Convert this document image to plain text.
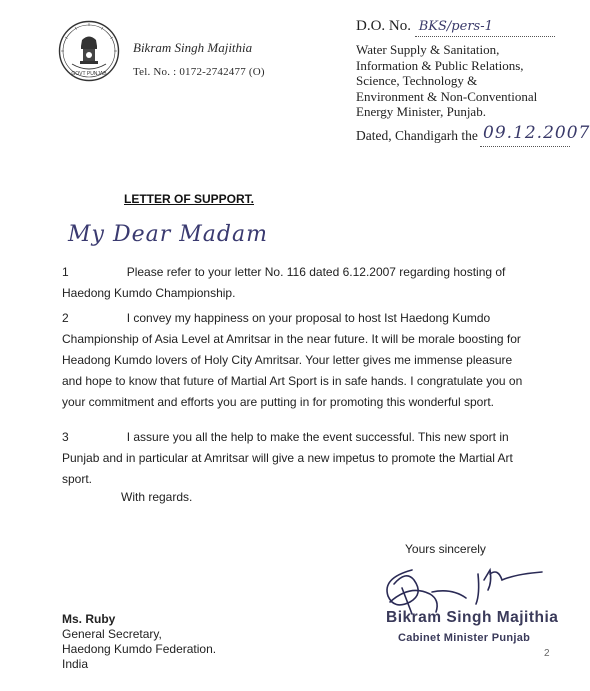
GOVT PUNJAB
Bikram Singh Majithia
Tel. No. : 0172-2742477 (O)
D.O. No. BKS/pers-1
Water Supply & Sanitation,
Information & Public Relations,
Science, Technology &
Environment & Non-Conventional
Energy Minister, Punjab.
Dated, Chandigarh the 09.12.2007
LETTER OF SUPPORT.
My Dear Madam
1	Please refer to your letter No. 116 dated 6.12.2007 regarding hosting of Haedong Kumdo Championship.
2	I convey my happiness on your proposal to host Ist Haedong Kumdo Championship of Asia Level at Amritsar in the near future. It will be morale boosting for Headong Kumdo lovers of Holy City Amritsar. Your letter gives me immense pleasure and hope to know that future of Martial Art Sport is in safe hands. I congratulate you on your commitment and efforts you are putting in for promoting this wonderful sport.
3	I assure you all the help to make the event successful. This new sport in Punjab and in particular at Amritsar will give a new impetus to promote the Martial Art sport.
With regards.
Yours sincerely
Bikram Singh Majithia
Cabinet Minister Punjab
Ms. Ruby
General Secretary,
Haedong Kumdo Federation.
India
2
